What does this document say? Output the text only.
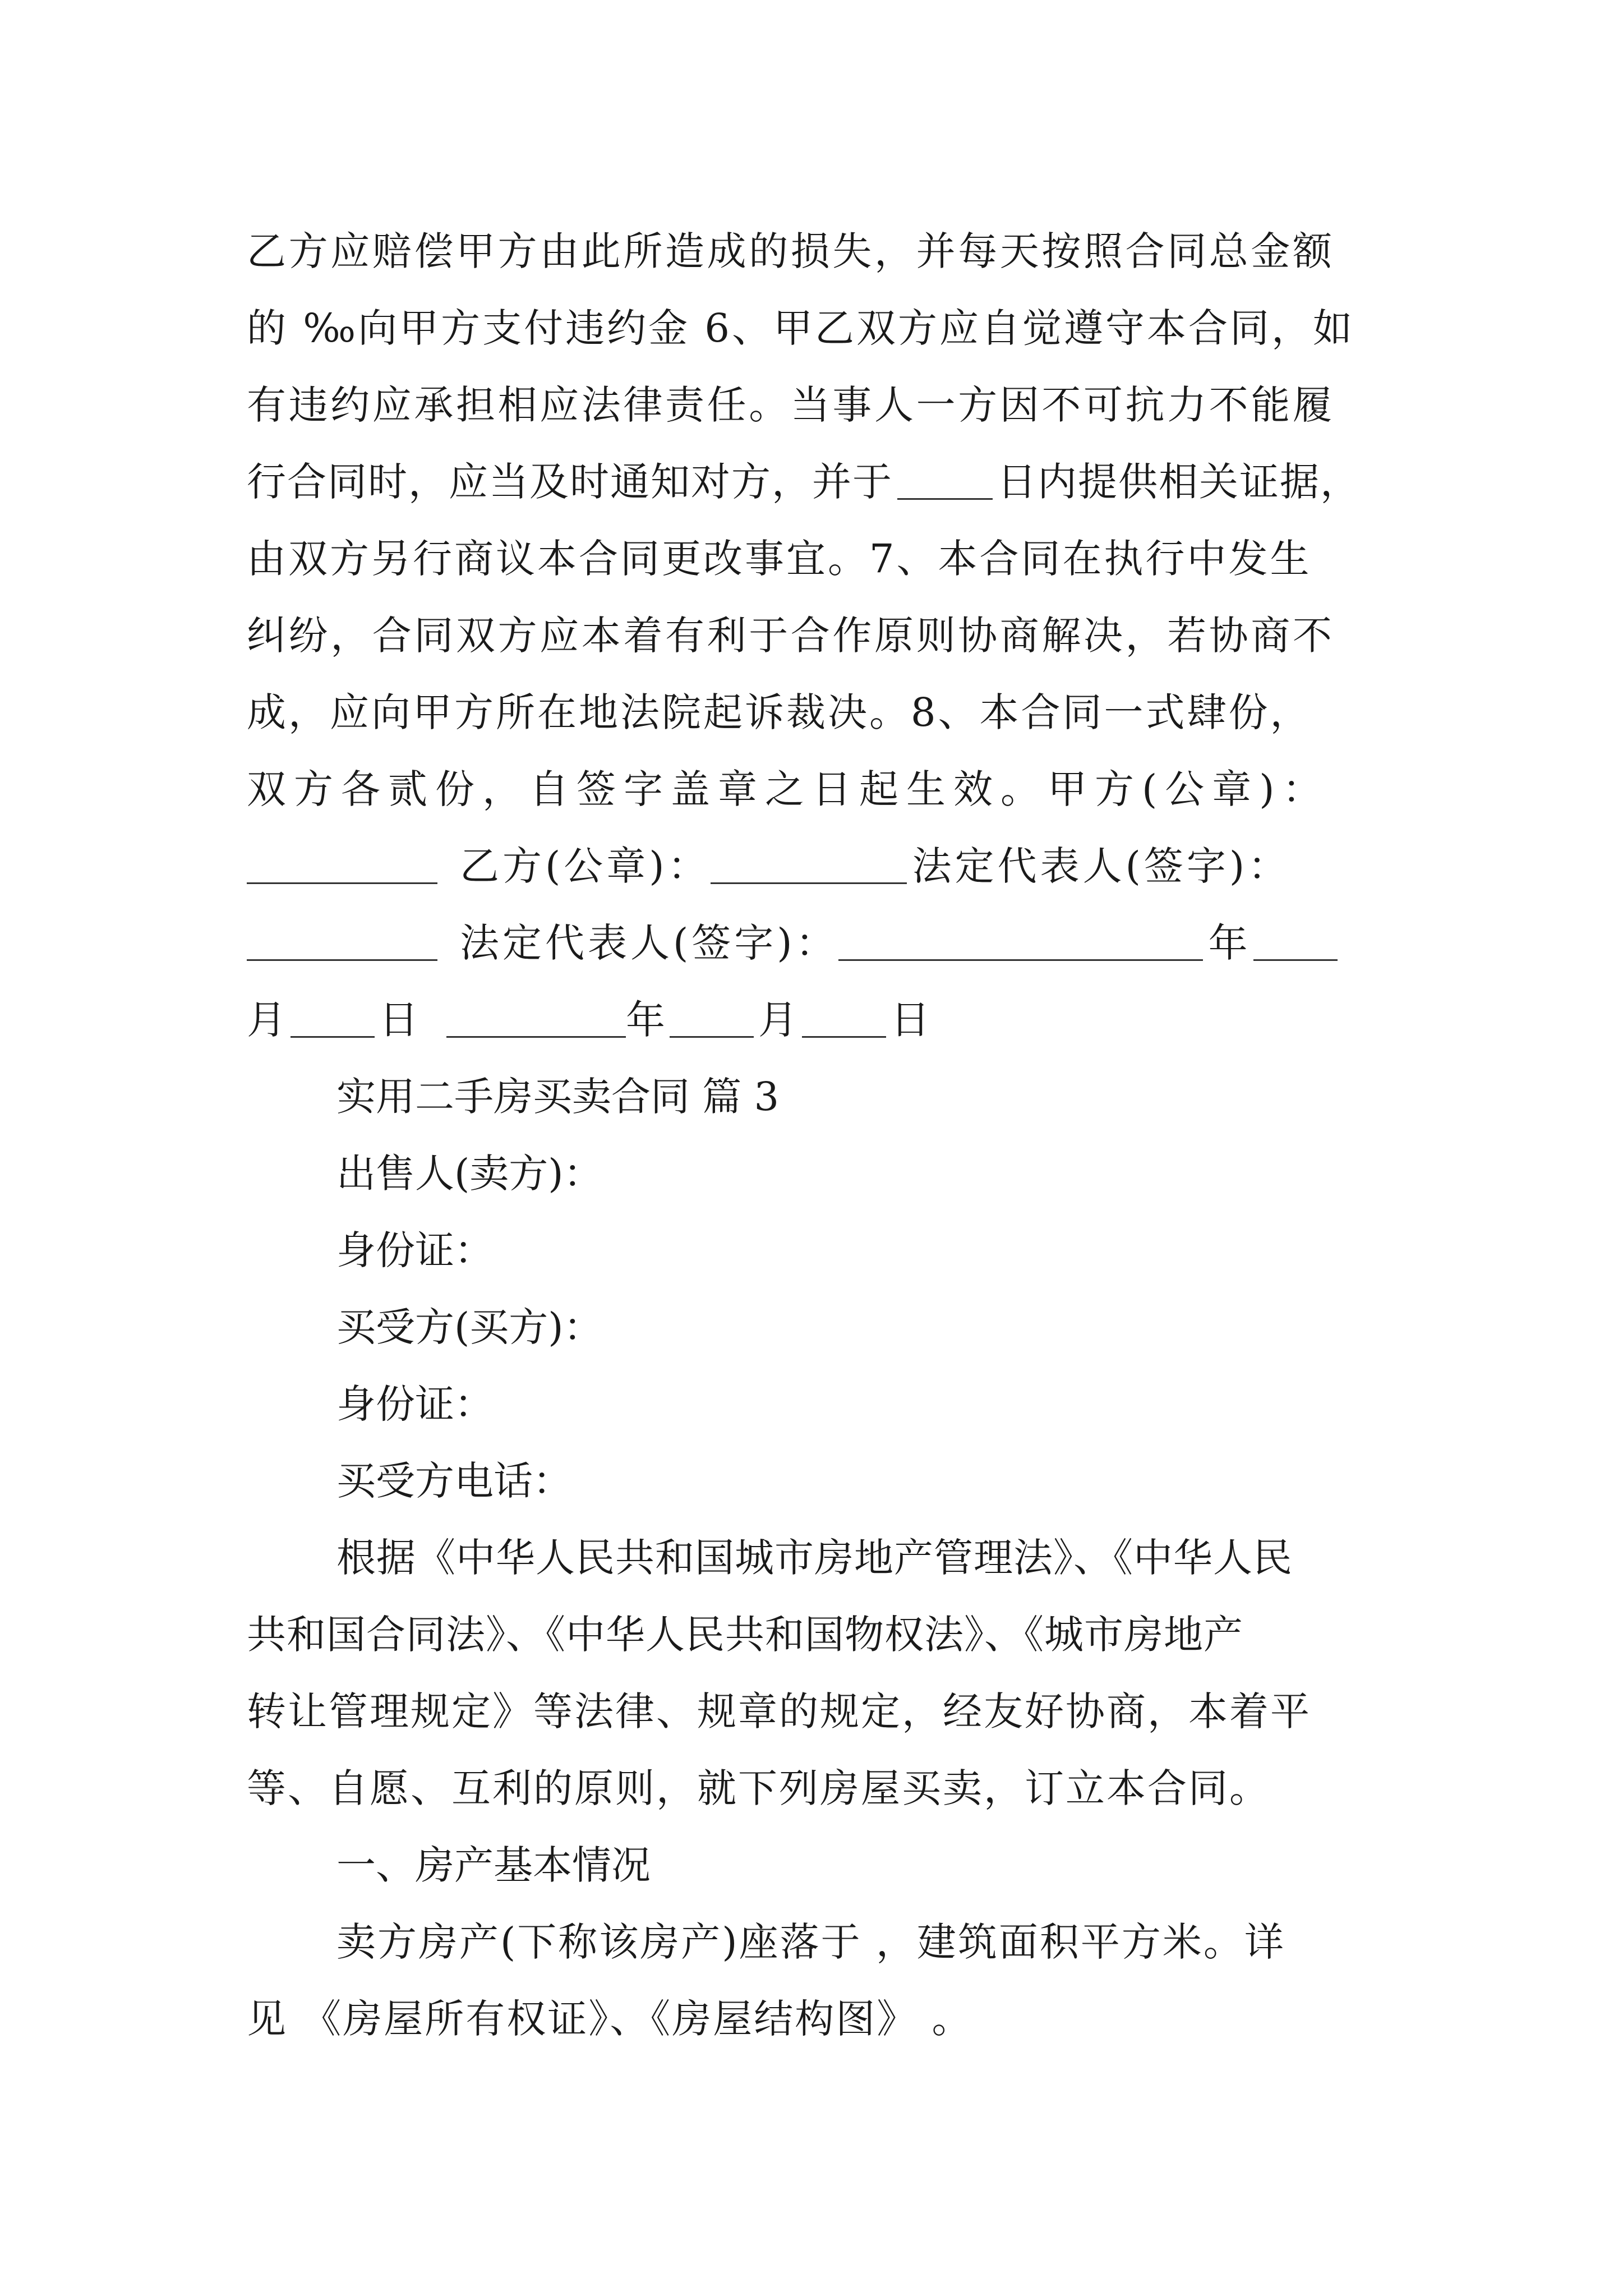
乙方应赔偿甲方由此所造成的损失，并每天按照合同总金额
的 ‰向甲方支付违约金 6、甲乙双方应自觉遵守本合同，如
有违约应承担相应法律责任。当事人一方因不可抗力不能履
行合同时，应当及时通知对方，并于	日内提供相关证据，
由双方另行商议本合同更改事宜。7、本合同在执行中发生
纠纷，合同双方应本着有利于合作原则协商解决，若协商不
成，应向甲方所在地法院起诉裁决。8、本合同一式肆份，
双方各贰份，自签字盖章之日起生效。甲方(公章)：
乙方(公章)：	法定代表人(签字)：
法定代表人(签字)：	年
月 日	年 月 日
实用二手房买卖合同 篇 3
出售人(卖方)：
身份证：
买受方(买方)：
身份证：
买受方电话：
根据《中华人民共和国城市房地产管理法》、《中华人民
共和国合同法》、《中华人民共和国物权法》、《城市房地产
转让管理规定》等法律、规章的规定，经友好协商，本着平
等、自愿、互利的原则，就下列房屋买卖，订立本合同。
一、房产基本情况
卖方房产(下称该房产)座落于 ，建筑面积平方米。详
见 《房屋所有权证》、《房屋结构图》 。
